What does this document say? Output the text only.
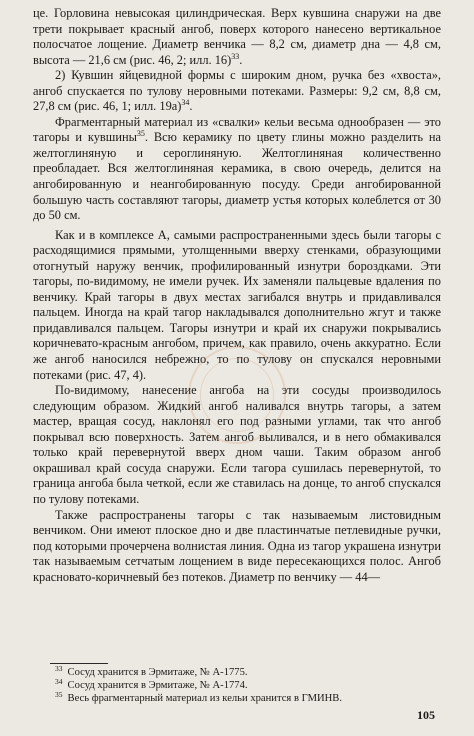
це. Горловина невысокая цилиндрическая. Верх кувшина снаружи на две трети покрывает красный ангоб, поверх которого нанесено вертикальное полосчатое лощение. Диаметр венчика — 8,2 см, диаметр дна — 4,8 см, высота — 21,6 см (рис. 46, 2; илл. 16)$^{33}$.

2) Кувшин яйцевидной формы с широким дном, ручка без «хвоста», ангоб спускается по тулову неровными потеками. Размеры: 9,2 см, 8,8 см, 27,8 см (рис. 46, 1; илл. 19а)$^{34}$.

Фрагментарный материал из «свалки» кельи весьма однообразен — это тагоры и кувшины$^{35}$. Всю керамику по цвету глины можно разделить на желтоглиняную и сероглиняную. Желтоглиняная количественно преобладает. Вся желтоглиняная керамика, в свою очередь, делится на ангобированную и неангобированную посуду. Среди ангобированной большую часть составляют тагоры, диаметр устья которых колеблется от 30 до 50 см.

Как и в комплексе А, самыми распространенными здесь были тагоры с расходящимися прямыми, утолщенными вверху стенками, образующими отогнутый наружу венчик, профилированный изнутри бороздками. Эти тагоры, по-видимому, не имели ручек. Их заменяли пальцевые вдаления по венчику. Край тагоры в двух местах загибался внутрь и придавливался пальцем. Иногда на край тагор накладывался дополнительно жгут и также придавливался пальцем. Тагоры изнутри и край их снаружи покрывались коричневато-красным ангобом, причем, как правило, очень аккуратно. Если же ангоб наносился небрежно, то по тулову он спускался неровными потеками (рис. 47, 4).

По-видимому, нанесение ангоба на эти сосуды производилось следующим образом. Жидкий ангоб наливался внутрь тагоры, а затем мастер, вращая сосуд, наклонял его под разными углами, так что ангоб покрывал всю поверхность. Затем ангоб выливался, и в него обмакивался только край перевернутой вверх дном чаши. Таким образом ангоб окрашивал край сосуда снаружи. Если тагора сушилась перевернутой, то граница ангоба была четкой, если же ставилась на донце, то ангоб спускался по тулову потеками.

Также распространены тагоры с так называемым листовидным венчиком. Они имеют плоское дно и две пластинчатые петлевидные ручки, под которыми прочерчена волнистая линия. Одна из тагор украшена изнутри так называемым сетчатым лощением в виде пересекающихся полос. Ангоб красновато-коричневый без потеков. Диаметр по венчику — 44—

$^{33}$ Сосуд хранится в Эрмитаже, № А-1775.
$^{34}$ Сосуд хранится в Эрмитаже, № А-1774.
$^{35}$ Весь фрагментарный материал из кельи хранится в ГМИНВ.
105
